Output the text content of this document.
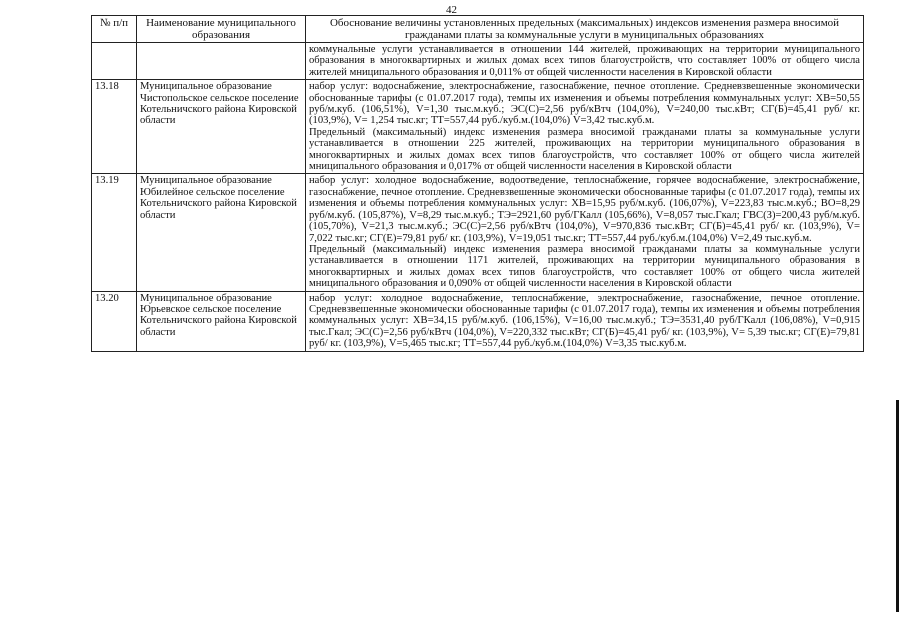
42
№ п/п	Наименование муниципального образования	Обоснование величины установленных предельных (максимальных) индексов изменения размера вносимой гражданами платы за коммунальные услуги в муниципальных образованиях

		коммунальные услуги устанавливается в отношении 144 жителей, проживающих на территории муниципального образования в многоквартирных и жилых домах всех типов благоустройств, что составляет 100% от общего числа жителей мниципального образования и 0,011% от общей численности населения в Кировской области

13.18	Муниципальное образование Чистопольское сельское поселение Котельничского района Кировской области	набор услуг: водоснабжение, электроснабжение, газоснабжение, печное отопление. Средневзвешенные экономически обоснованные тарифы (с 01.07.2017 года), темпы их изменения и объемы потребления коммунальных услуг: ХВ=50,55 руб/м.куб. (106,51%), V=1,30 тыс.м.куб.; ЭС(С)=2,56 руб/кВтч (104,0%), V=240,00 тыс.кВт; СГ(Б)=45,41 руб/ кг. (103,9%), V= 1,254 тыс.кг; ТТ=557,44 руб./куб.м.(104,0%) V=3,42 тыс.куб.м.

Предельный (максимальный) индекс изменения размера вносимой гражданами платы за коммунальные услуги устанавливается в отношении 225 жителей, проживающих на территории муниципального образования в многоквартирных и жилых домах всех типов благоустройств, что составляет 100% от общего числа жителей мниципального образования и 0,017% от общей численности населения в Кировской области

13.19	Муниципальное образование Юбилейное сельское поселение Котельничского района Кировской области	набор услуг: холодное водоснабжение, водоотведение, теплоснабжение, горячее водоснабжение, электроснабжение, газоснабжение, печное отопление. Средневзвешенные экономически обоснованные тарифы (с 01.07.2017 года), темпы их изменения и объемы потребления коммунальных услуг: ХВ=15,95 руб/м.куб. (106,07%), V=223,83 тыс.м.куб.; ВО=8,29 руб/м.куб. (105,87%), V=8,29 тыс.м.куб.; ТЭ=2921,60 руб/ГКалл (105,66%), V=8,057 тыс.Гкал; ГВС(З)=200,43 руб/м.куб. (105,70%), V=21,3 тыс.м.куб.; ЭС(С)=2,56 руб/кВтч (104,0%), V=970,836 тыс.кВт; СГ(Б)=45,41 руб/ кг. (103,9%), V= 7,022 тыс.кг; СГ(Е)=79,81 руб/ кг. (103,9%), V=19,051 тыс.кг; ТТ=557,44 руб./куб.м.(104,0%) V=2,49 тыс.куб.м.

Предельный (максимальный) индекс изменения размера вносимой гражданами платы за коммунальные услуги устанавливается в отношении 1171 жителей, проживающих на территории муниципального образования в многоквартирных и жилых домах всех типов благоустройств, что составляет 100% от общего числа жителей мниципального образования и 0,090% от общей численности населения в Кировской области

13.20	Муниципальное образование Юрьевское сельское поселение Котельничского района Кировской области	набор услуг: холодное водоснабжение, теплоснабжение, электроснабжение, газоснабжение, печное отопление. Средневзвешенные экономически обоснованные тарифы (с 01.07.2017 года), темпы их изменения и объемы потребления коммунальных услуг: ХВ=34,15 руб/м.куб. (106,15%), V=16,00 тыс.м.куб.; ТЭ=3531,40 руб/ГКалл (106,08%), V=0,915 тыс.Гкал; ЭС(С)=2,56 руб/кВтч (104,0%), V=220,332 тыс.кВт; СГ(Б)=45,41 руб/ кг. (103,9%), V= 5,39 тыс.кг; СГ(Е)=79,81 руб/ кг. (103,9%), V=5,465 тыс.кг; ТТ=557,44 руб./куб.м.(104,0%) V=3,35 тыс.куб.м.
